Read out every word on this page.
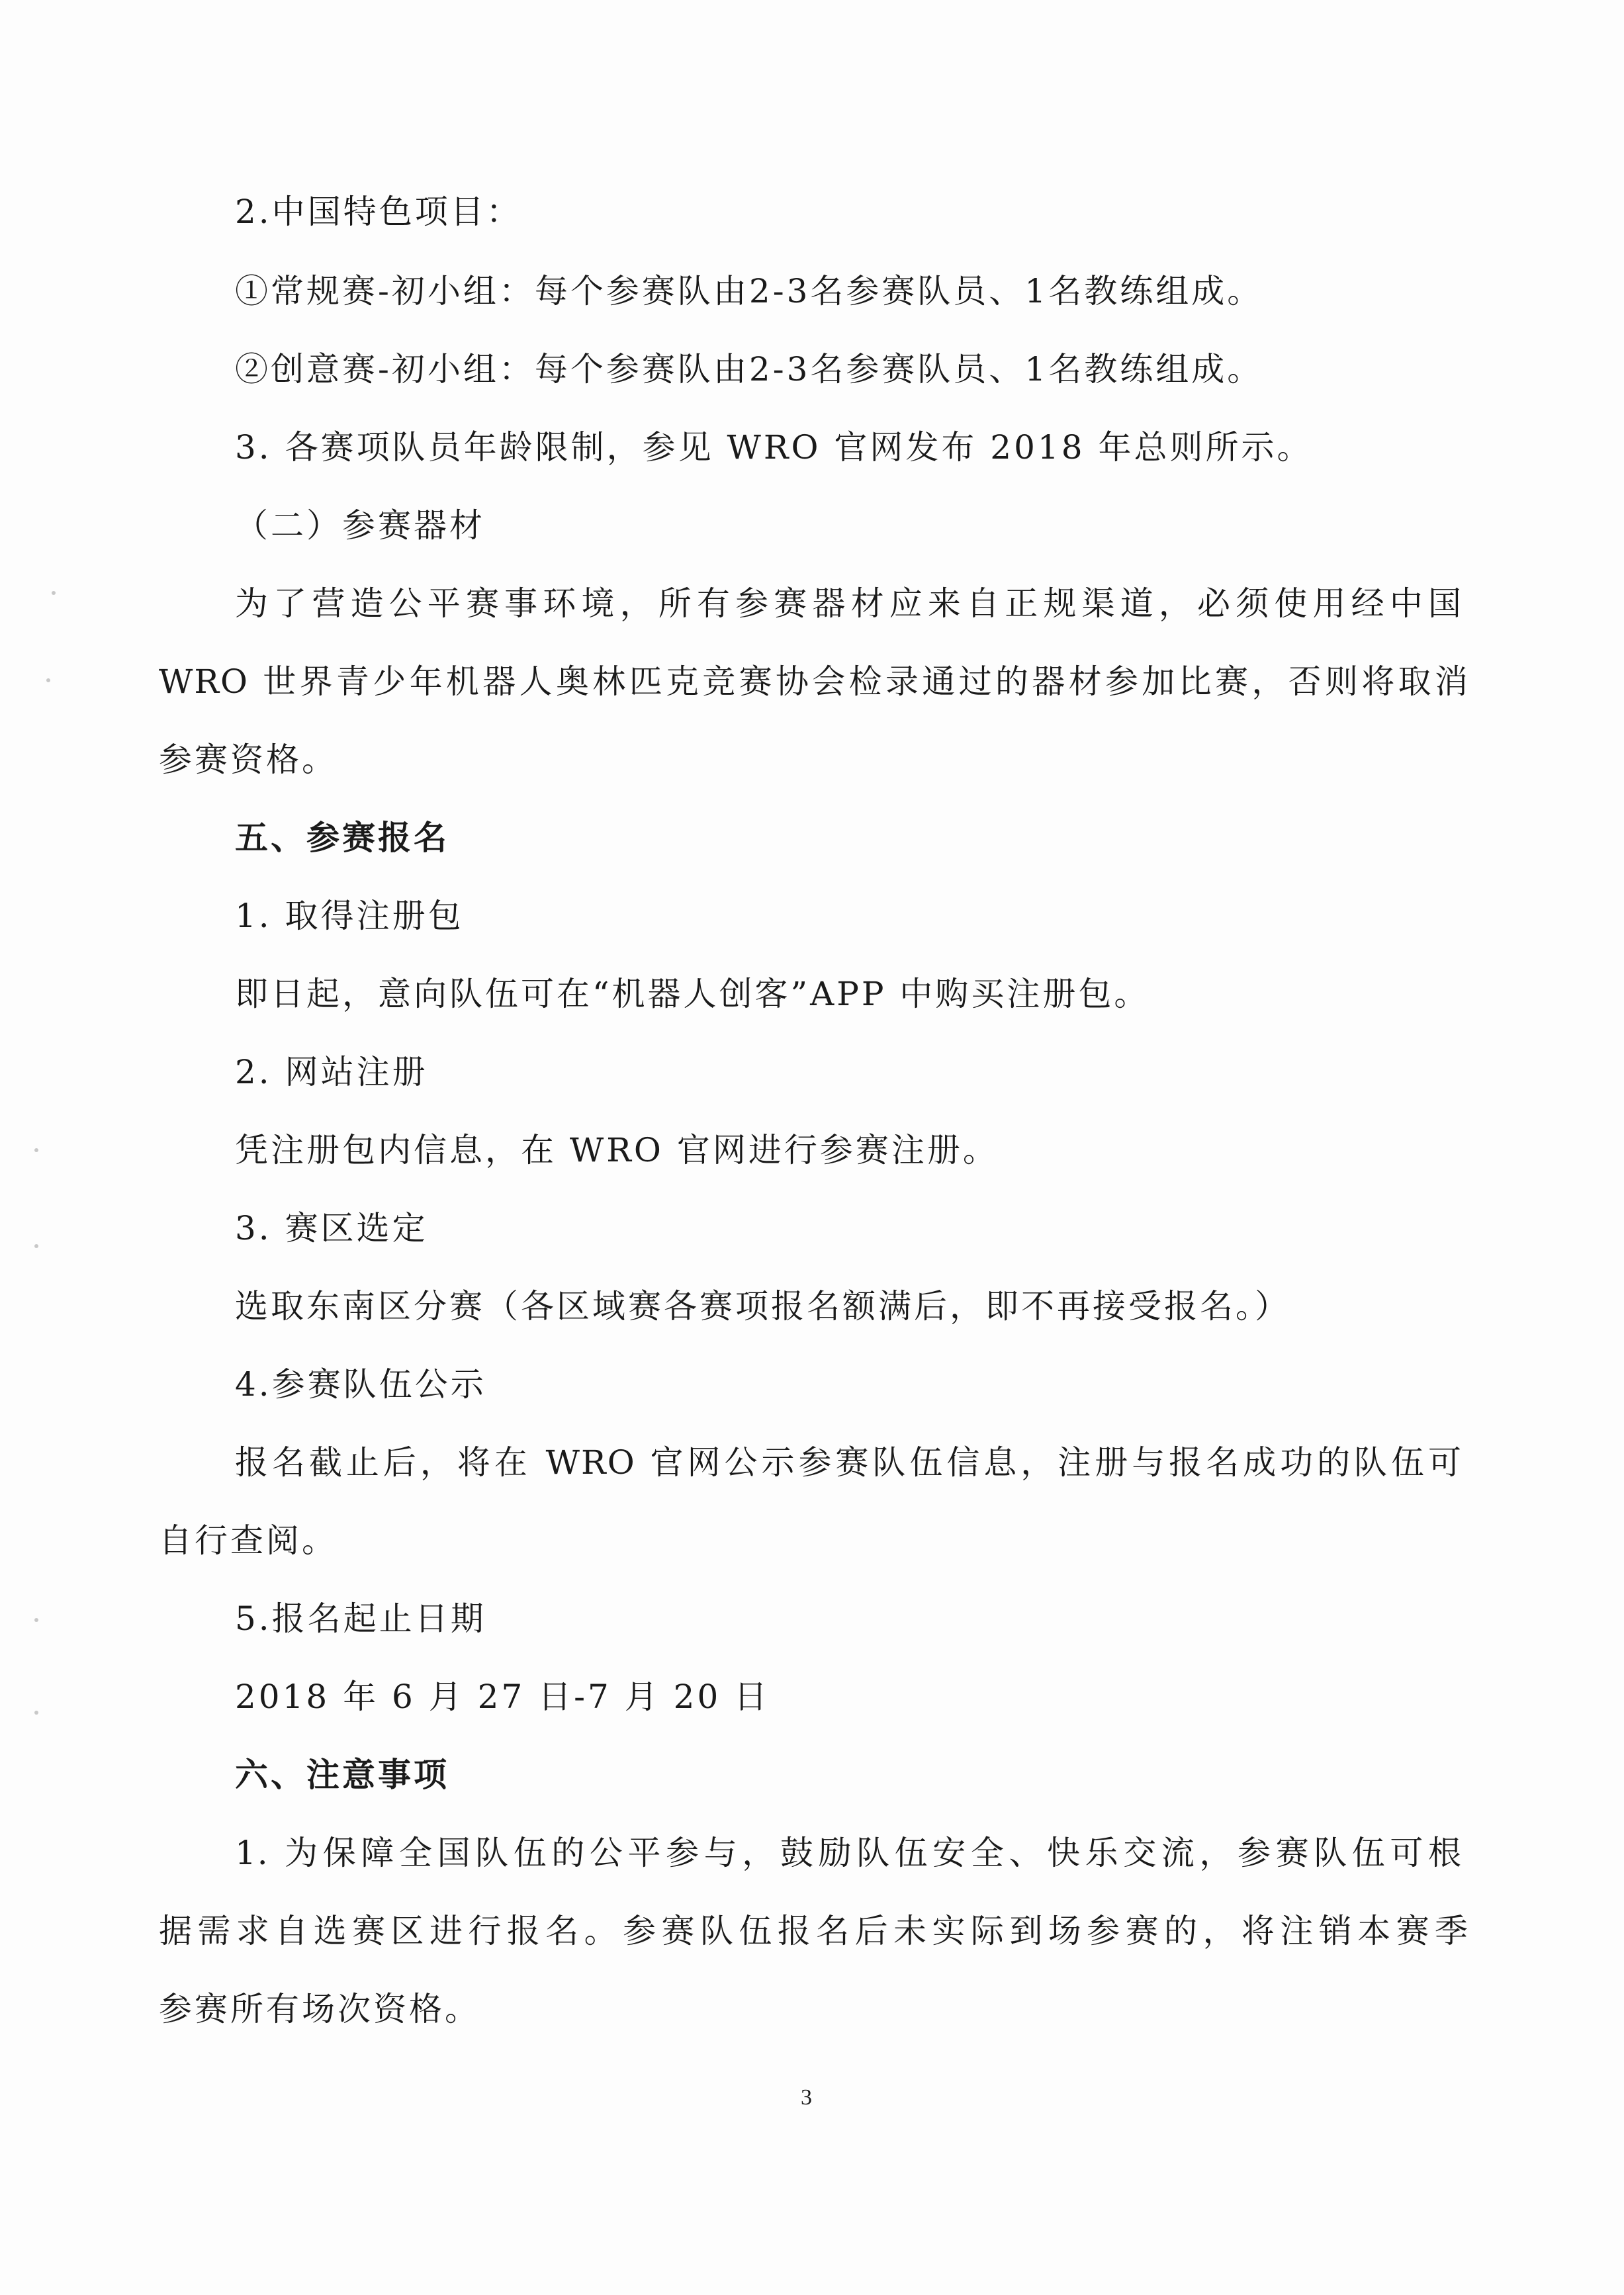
2.中国特色项目：
①常规赛-初小组：每个参赛队由2-3名参赛队员、1名教练组成。
②创意赛-初小组：每个参赛队由2-3名参赛队员、1名教练组成。
3. 各赛项队员年龄限制，参见 WRO 官网发布 2018 年总则所示。
（二）参赛器材
为了营造公平赛事环境，所有参赛器材应来自正规渠道，必须使用经中国
WRO 世界青少年机器人奥林匹克竞赛协会检录通过的器材参加比赛，否则将取消
参赛资格。
五、参赛报名
1. 取得注册包
即日起，意向队伍可在“机器人创客”APP 中购买注册包。
2. 网站注册
凭注册包内信息，在 WRO 官网进行参赛注册。
3. 赛区选定
选取东南区分赛（各区域赛各赛项报名额满后，即不再接受报名。）
4.参赛队伍公示
报名截止后，将在 WRO 官网公示参赛队伍信息，注册与报名成功的队伍可
自行查阅。
5.报名起止日期
2018 年 6 月 27 日-7 月 20 日
六、注意事项
1. 为保障全国队伍的公平参与，鼓励队伍安全、快乐交流，参赛队伍可根
据需求自选赛区进行报名。参赛队伍报名后未实际到场参赛的，将注销本赛季
参赛所有场次资格。
3
